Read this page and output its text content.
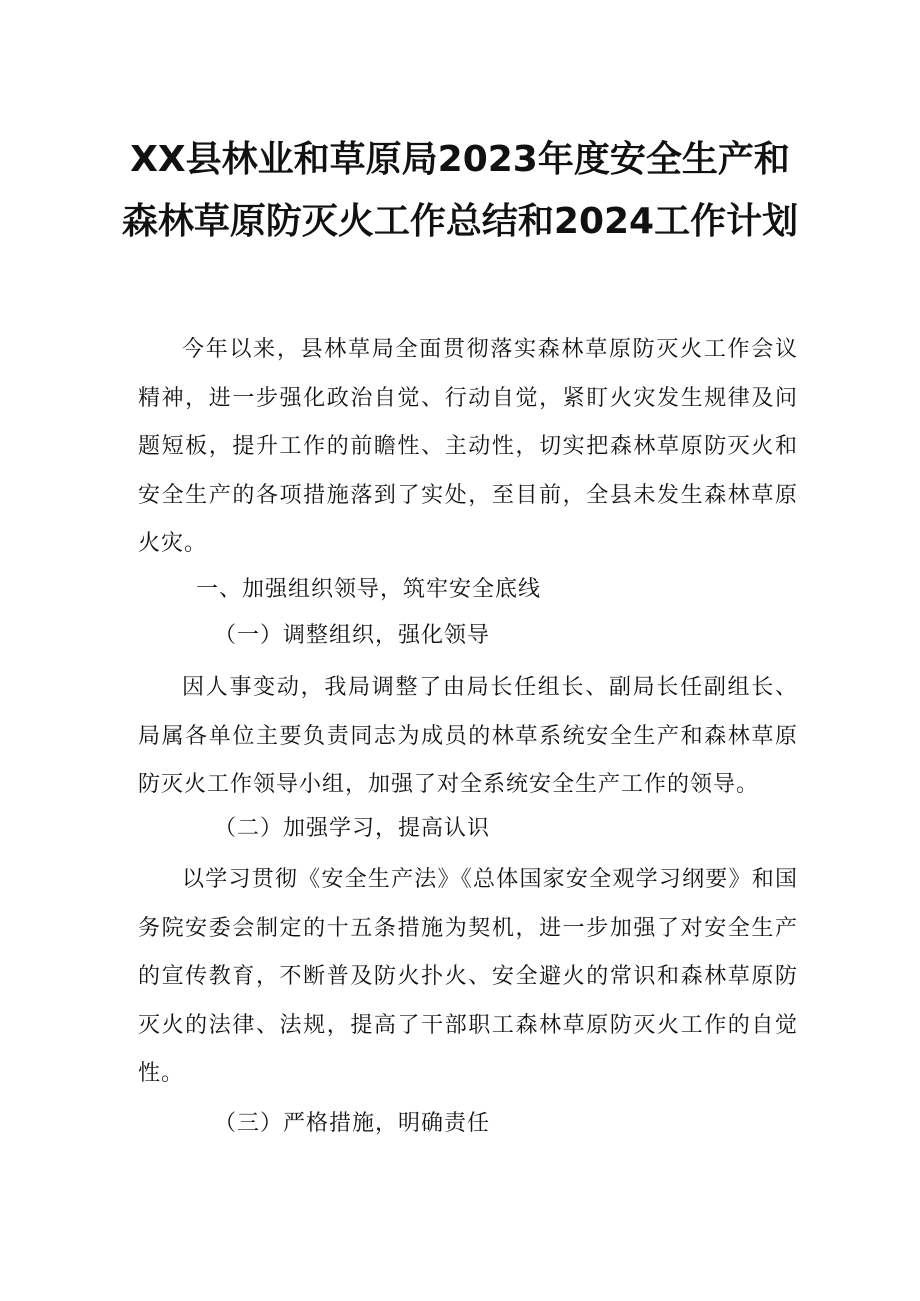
XX县林业和草原局2023年度安全生产和
森林草原防灭火工作总结和2024工作计划
今年以来，县林草局全面贯彻落实森林草原防灭火工作会议精神，进一步强化政治自觉、行动自觉，紧盯火灾发生规律及问题短板，提升工作的前瞻性、主动性，切实把森林草原防灭火和安全生产的各项措施落到了实处，至目前，全县未发生森林草原火灾。
一、加强组织领导，筑牢安全底线
（一）调整组织，强化领导
因人事变动，我局调整了由局长任组长、副局长任副组长、局属各单位主要负责同志为成员的林草系统安全生产和森林草原防灭火工作领导小组，加强了对全系统安全生产工作的领导。
（二）加强学习，提高认识
以学习贯彻《安全生产法》《总体国家安全观学习纲要》和国务院安委会制定的十五条措施为契机，进一步加强了对安全生产的宣传教育，不断普及防火扑火、安全避火的常识和森林草原防灭火的法律、法规，提高了干部职工森林草原防灭火工作的自觉性。
（三）严格措施，明确责任
